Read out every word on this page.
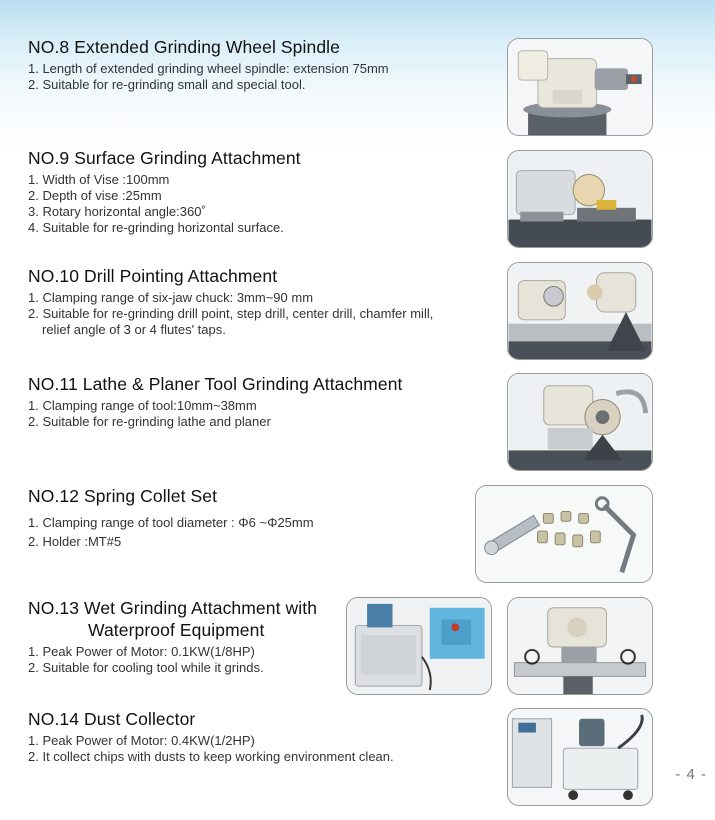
NO.8 Extended Grinding Wheel Spindle
1. Length of extended grinding wheel spindle: extension 75mm
2. Suitable for re-grinding small and special tool.
NO.9 Surface Grinding Attachment
1. Width of Vise :100mm
2. Depth of vise :25mm
3. Rotary horizontal angle:360˚
4. Suitable for re-grinding horizontal surface.
NO.10 Drill Pointing Attachment
1. Clamping range of six-jaw chuck: 3mm~90 mm
2. Suitable for re-grinding drill point, step drill, center drill, chamfer mill,
relief angle of 3 or 4 flutes' taps.
NO.11 Lathe & Planer Tool Grinding Attachment
1. Clamping range of tool:10mm~38mm
2. Suitable for re-grinding lathe and planer
NO.12 Spring Collet Set
1. Clamping range of tool diameter : Φ6 ~Φ25mm
2. Holder :MT#5
NO.13 Wet Grinding Attachment with
Waterproof Equipment
1. Peak Power of Motor: 0.1KW(1/8HP)
2. Suitable for cooling tool while it grinds.
NO.14 Dust Collector
1. Peak Power of Motor: 0.4KW(1/2HP)
2. It collect chips with dusts to keep working environment clean.
- 4 -
